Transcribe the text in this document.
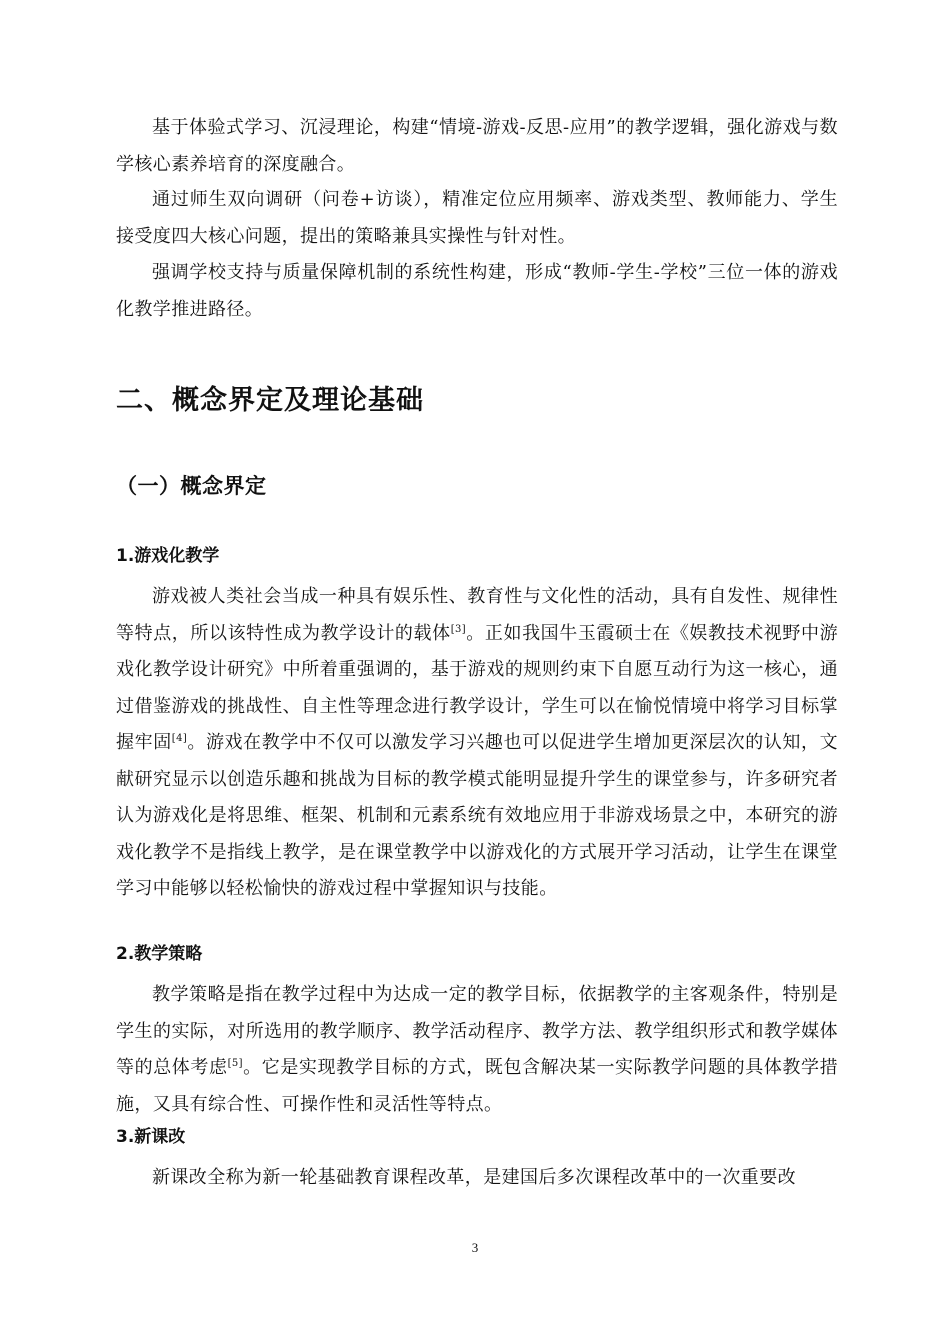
基于体验式学习、沉浸理论，构建“情境-游戏-反思-应用”的教学逻辑，强化游戏与数学核心素养培育的深度融合。

通过师生双向调研（问卷+访谈），精准定位应用频率、游戏类型、教师能力、学生接受度四大核心问题，提出的策略兼具实操性与针对性。

强调学校支持与质量保障机制的系统性构建，形成“教师-学生-学校”三位一体的游戏化教学推进路径。

二、概念界定及理论基础
（一）概念界定
1.游戏化教学

游戏被人类社会当成一种具有娱乐性、教育性与文化性的活动，具有自发性、规律性等特点，所以该特性成为教学设计的载体[3]。正如我国牛玉霞硕士在《娱教技术视野中游戏化教学设计研究》中所着重强调的，基于游戏的规则约束下自愿互动行为这一核心，通过借鉴游戏的挑战性、自主性等理念进行教学设计，学生可以在愉悦情境中将学习目标掌握牢固[4]。游戏在教学中不仅可以激发学习兴趣也可以促进学生增加更深层次的认知，文献研究显示以创造乐趣和挑战为目标的教学模式能明显提升学生的课堂参与，许多研究者认为游戏化是将思维、框架、机制和元素系统有效地应用于非游戏场景之中，本研究的游戏化教学不是指线上教学，是在课堂教学中以游戏化的方式展开学习活动，让学生在课堂学习中能够以轻松愉快的游戏过程中掌握知识与技能。

2.教学策略

教学策略是指在教学过程中为达成一定的教学目标，依据教学的主客观条件，特别是学生的实际，对所选用的教学顺序、教学活动程序、教学方法、教学组织形式和教学媒体等的总体考虑[5]。它是实现教学目标的方式，既包含解决某一实际教学问题的具体教学措施，又具有综合性、可操作性和灵活性等特点。

3.新课改

新课改全称为新一轮基础教育课程改革，是建国后多次课程改革中的一次重要改

3
